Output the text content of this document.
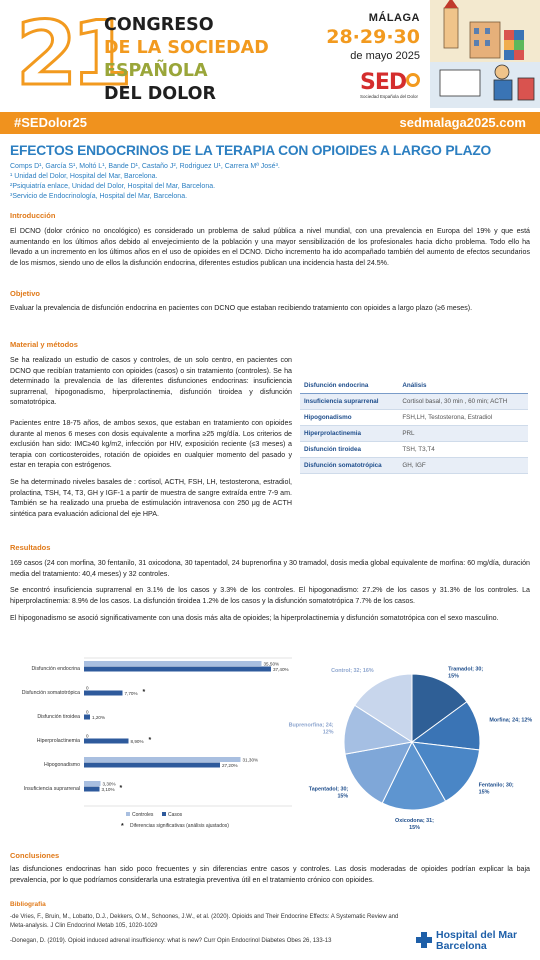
21
CONGRESO
DE LA SOCIEDAD
ESPAÑOLA
DEL DOLOR
MÁLAGA
28·29·30
de mayo 2025
SED
Sociedad Española del Dolor
#SEDolor25	sedmalaga2025.com
EFECTOS ENDOCRINOS DE LA TERAPIA CON OPIOIDES A LARGO PLAZO
Comps D¹, García S¹, Moltó L¹, Bande D¹, Castaño J², Rodriguez U¹, Carrera Mª José³.
¹ Unidad del Dolor, Hospital del Mar, Barcelona.
²Psiquiatría enlace, Unidad del Dolor, Hospital del Mar, Barcelona.
³Servicio de Endocrinología, Hospital del Mar, Barcelona.
Introducción
El DCNO (dolor crónico no oncológico) es considerado un problema de salud pública a nivel mundial, con una prevalencia en Europa del 19% y que está aumentando en los últimos años debido al envejecimiento de la población y una mayor sensibilización de los profesionales hacia dicho problema. Todo ello ha llevado a un incremento en los últimos años en el uso de opioides en el DCNO. Dicho incremento ha ido acompañado también del aumento de efectos secundarios de los mismos, siendo uno de ellos la disfunción endocrina, diferentes estudios publican una incidencia hasta del 24.5%.
Objetivo
Evaluar la prevalencia de disfunción endocrina en pacientes con DCNO que estaban recibiendo tratamiento con opioides a largo plazo (≥6 meses).
Material y métodos
Se ha realizado un estudio de casos y controles, de un solo centro, en pacientes con DCNO que recibían tratamiento con opioides (casos) o sin tratamiento (controles). Se ha determinado la prevalencia de las diferentes disfunciones endocrinas: insuficiencia suprarrenal, hipogonadismo, hiperprolactinemia, disfunción tiroidea y disfunción somatotrópica.
Pacientes entre 18-75 años, de ambos sexos, que estaban en tratamiento con opioides durante al menos 6 meses con dosis equivalente a morfina ≥25 mg/día. Los criterios de exclusión han sido: IMC≥40 kg/m2, infección por HIV, exposición reciente (≤3 meses) a terapia con corticosteroides, rotación de opioides en cualquier momento del pasado y estar en terapia con estrógenos.
Se ha determinado niveles basales de : cortisol, ACTH, FSH, LH, testosterona, estradiol, prolactina, TSH, T4, T3, GH y IGF-1 a partir de muestra de sangre extraída entre 7-9 am. También se ha realizado una prueba de estimulación intravenosa con 250 μg de ACTH sintética para evaluación adicional del eje HPA.
Disfunción endocrina	Análisis
Insuficiencia suprarrenal	Cortisol basal, 30 min , 60 min; ACTH
Hipogonadismo	FSH,LH, Testosterona, Estradiol
Hiperprolactinemia	PRL
Disfunción tiroidea	TSH, T3,T4
Disfunción somatotrópica	GH, IGF
Resultados
169 casos (24 con morfina, 30 fentanilo, 31 oxicodona, 30 tapentadol, 24 buprenorfina y 30 tramadol, dosis media global equivalente de morfina: 60 mg/día, duración media del tratamiento: 40,4 meses) y 32 controles.
Se encontró insuficiencia suprarrenal en 3.1% de los casos y 3.3% de los controles. El hipogonadismo: 27.2% de los casos y 31.3% de los controles. La hiperprolactinemia: 8.9% de los casos. La disfunción tiroidea 1.2% de los casos y la disfunción somatotrópica 7.7% de los casos.
El hipogonadismo se asoció significativamente con una dosis más alta de opioides; la hiperprolactinemia y disfunción somatotrópica con el sexo masculino.
Disfunción endocrina
35,50%
37,40%
Disfunción somatotrópica
0
7,70% *
Disfunción tiroidea
0
1,20%
Hiperprolactinemia
0
8,90% *
Hipogonadismo
31,30%
27,20%
Insuficiencia suprarrenal
3,30%
3,10% *
Controles	Casos
* Diferencias significativas (análisis ajustados)
Tramadol; 30; 15%
Morfina; 24; 12%
Fentanilo; 30; 15%
Oxicodona; 31; 15%
Tapentadol; 30; 15%
Buprenorfina; 24; 12%
Control; 32; 16%
Conclusiones
las disfunciones endocrinas han sido poco frecuentes y sin diferencias entre casos y controles. Las dosis moderadas de opioides podrían explicar la baja prevalencia, por lo que podríamos considerarla una estrategia preventiva útil en el tratamiento crónico con opioides.
Bibliografia
-de Vries, F., Bruin, M., Lobatto, D.J., Dekkers, O.M., Schoones, J.W., et al. (2020). Opioids and Their Endocrine Effects: A Systematic Review and Meta-analysis. J Clin Endocrinol Metab 105, 1020-1029
-Donegan, D. (2019). Opioid induced adrenal insufficiency: what is new? Curr Opin Endocrinol Diabetes Obes 26, 133-13	Hospital del Mar
Barcelona
